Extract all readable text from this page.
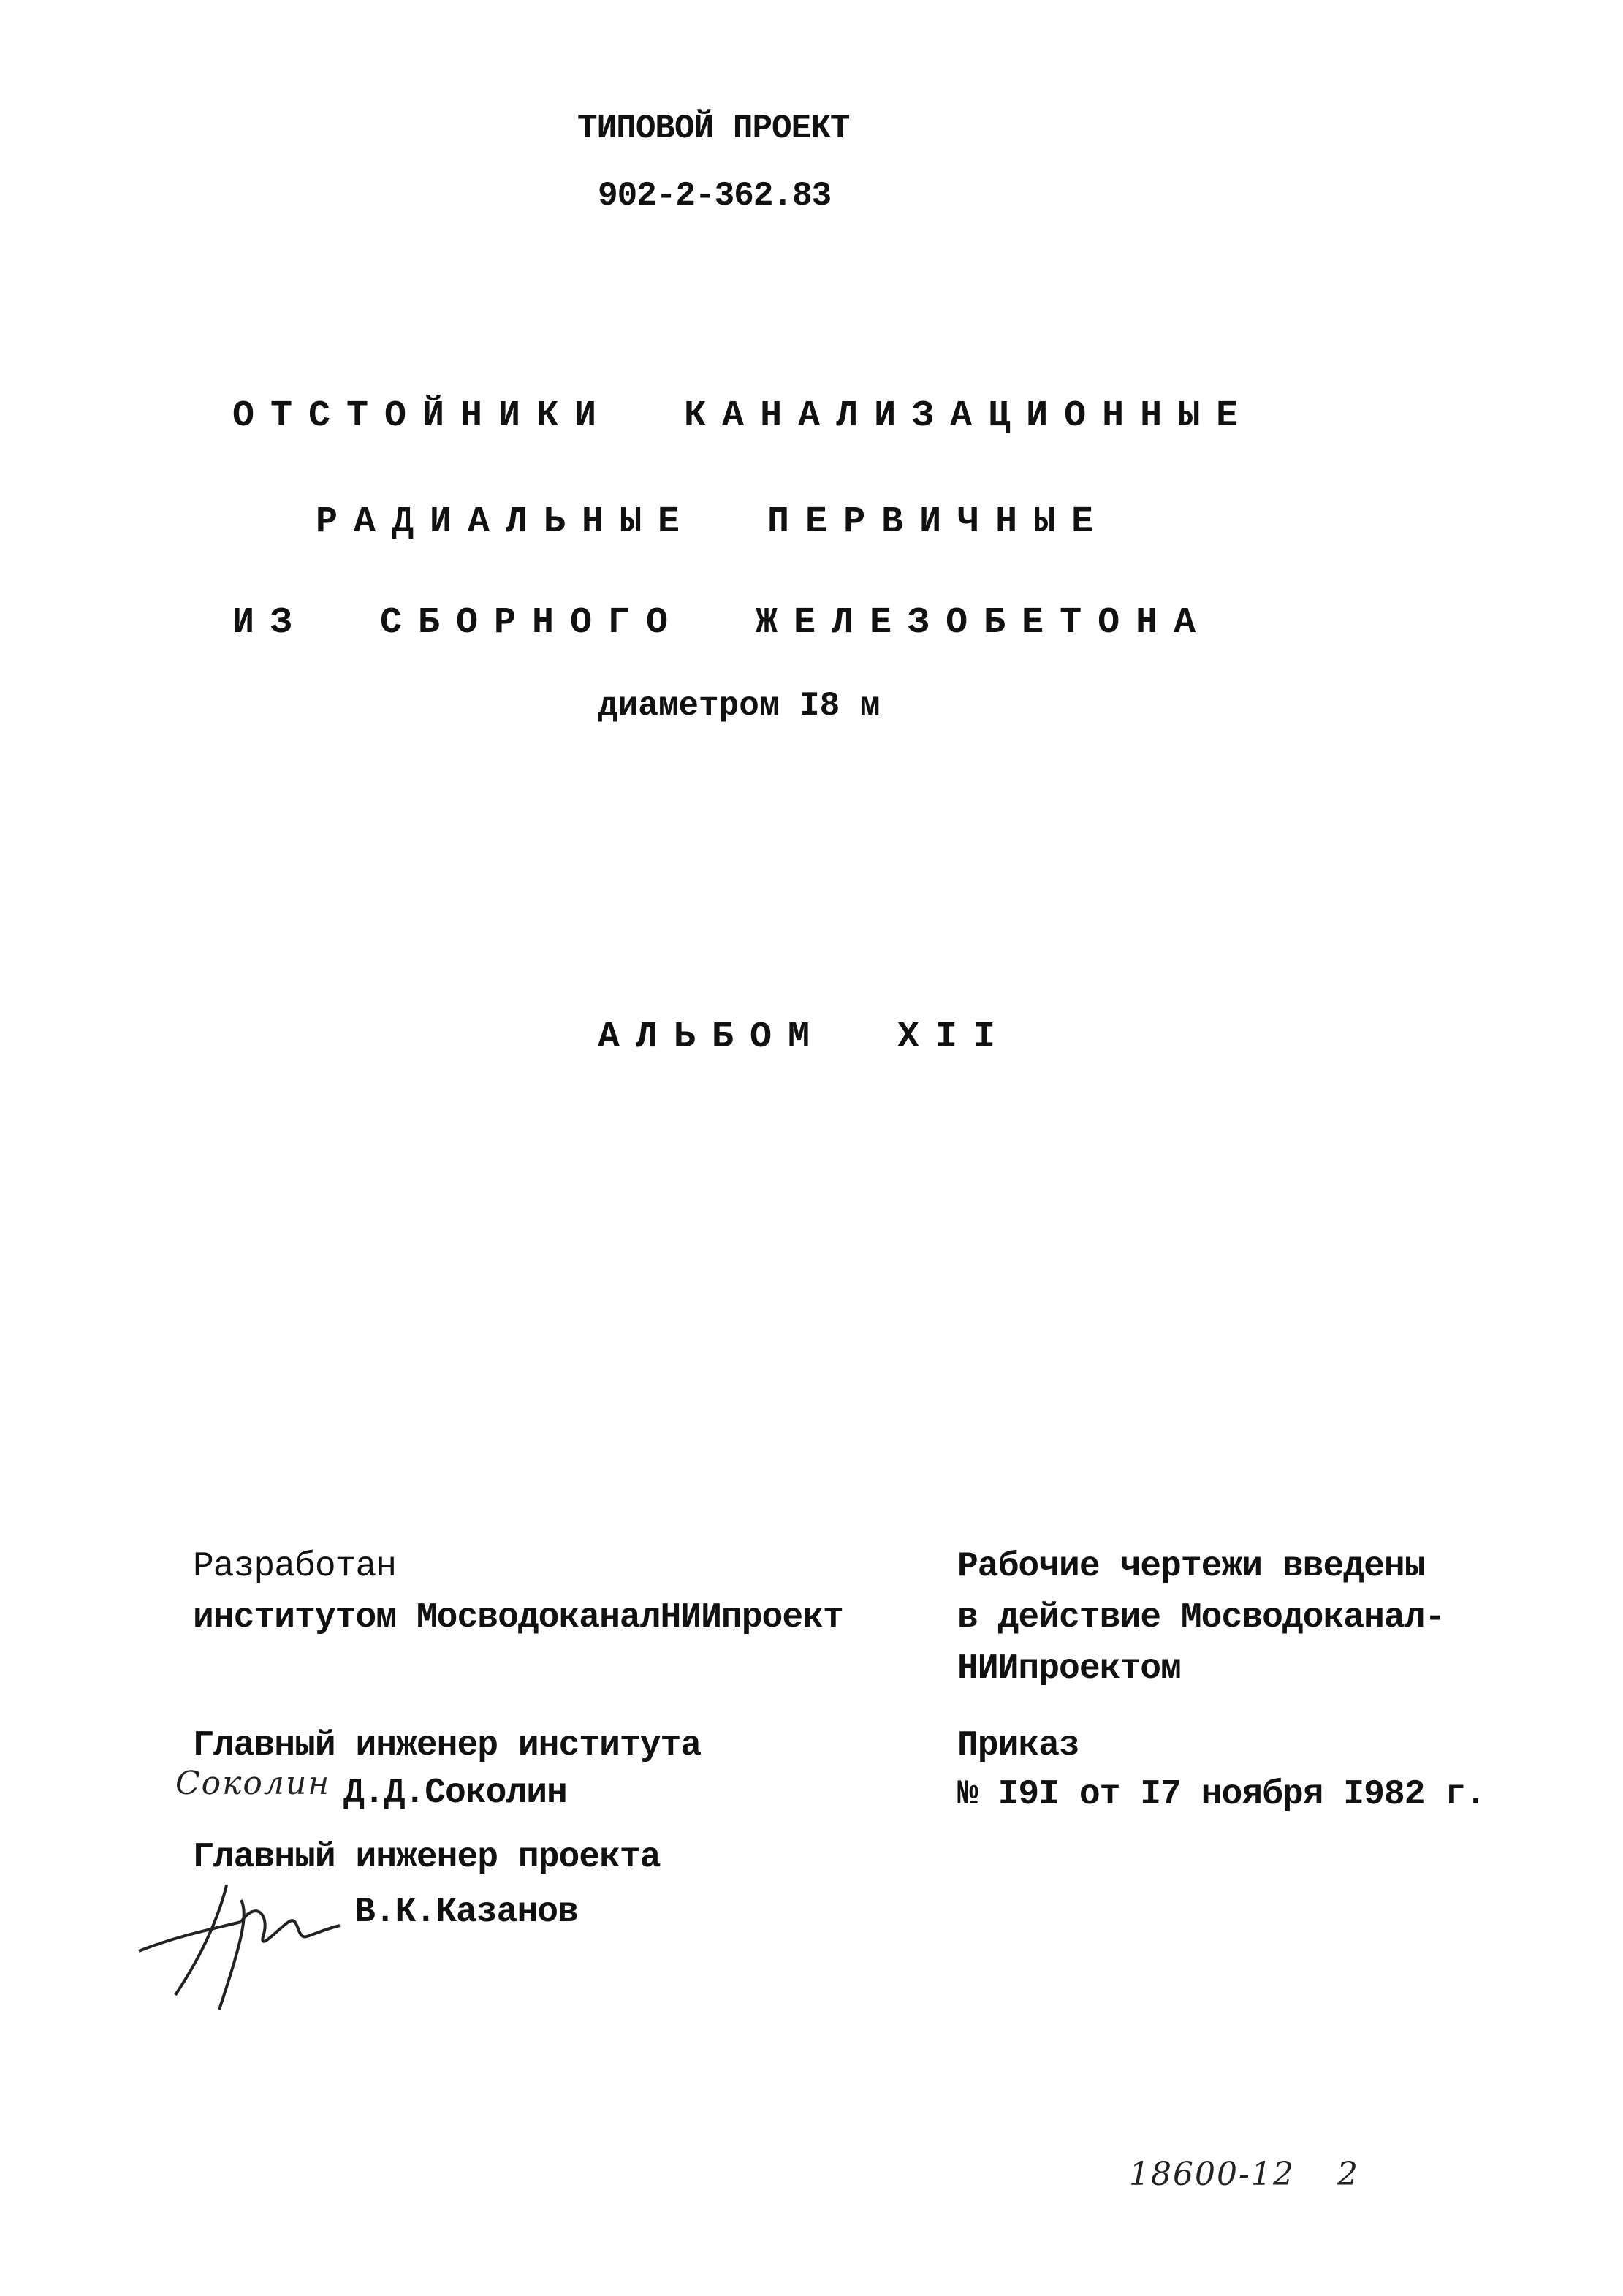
ТИПОВОЙ ПРОЕКТ
902-2-362.83
ОТСТОЙНИКИ КАНАЛИЗАЦИОННЫЕ
РАДИАЛЬНЫЕ ПЕРВИЧНЫЕ
ИЗ СБОРНОГО ЖЕЛЕЗОБЕТОНА
диаметром I8 м
АЛЬБОМ XII
Разработан
институтом МосводоканалНИИпроект
Главный инженер института
Соколин Д.Д.Соколин
Главный инженер проекта
В.К.Казанов
Рабочие чертежи введены
в действие Мосводоканал-
НИИпроектом
Приказ
№ I9I от I7 ноября I982 г.
18600-12 2
